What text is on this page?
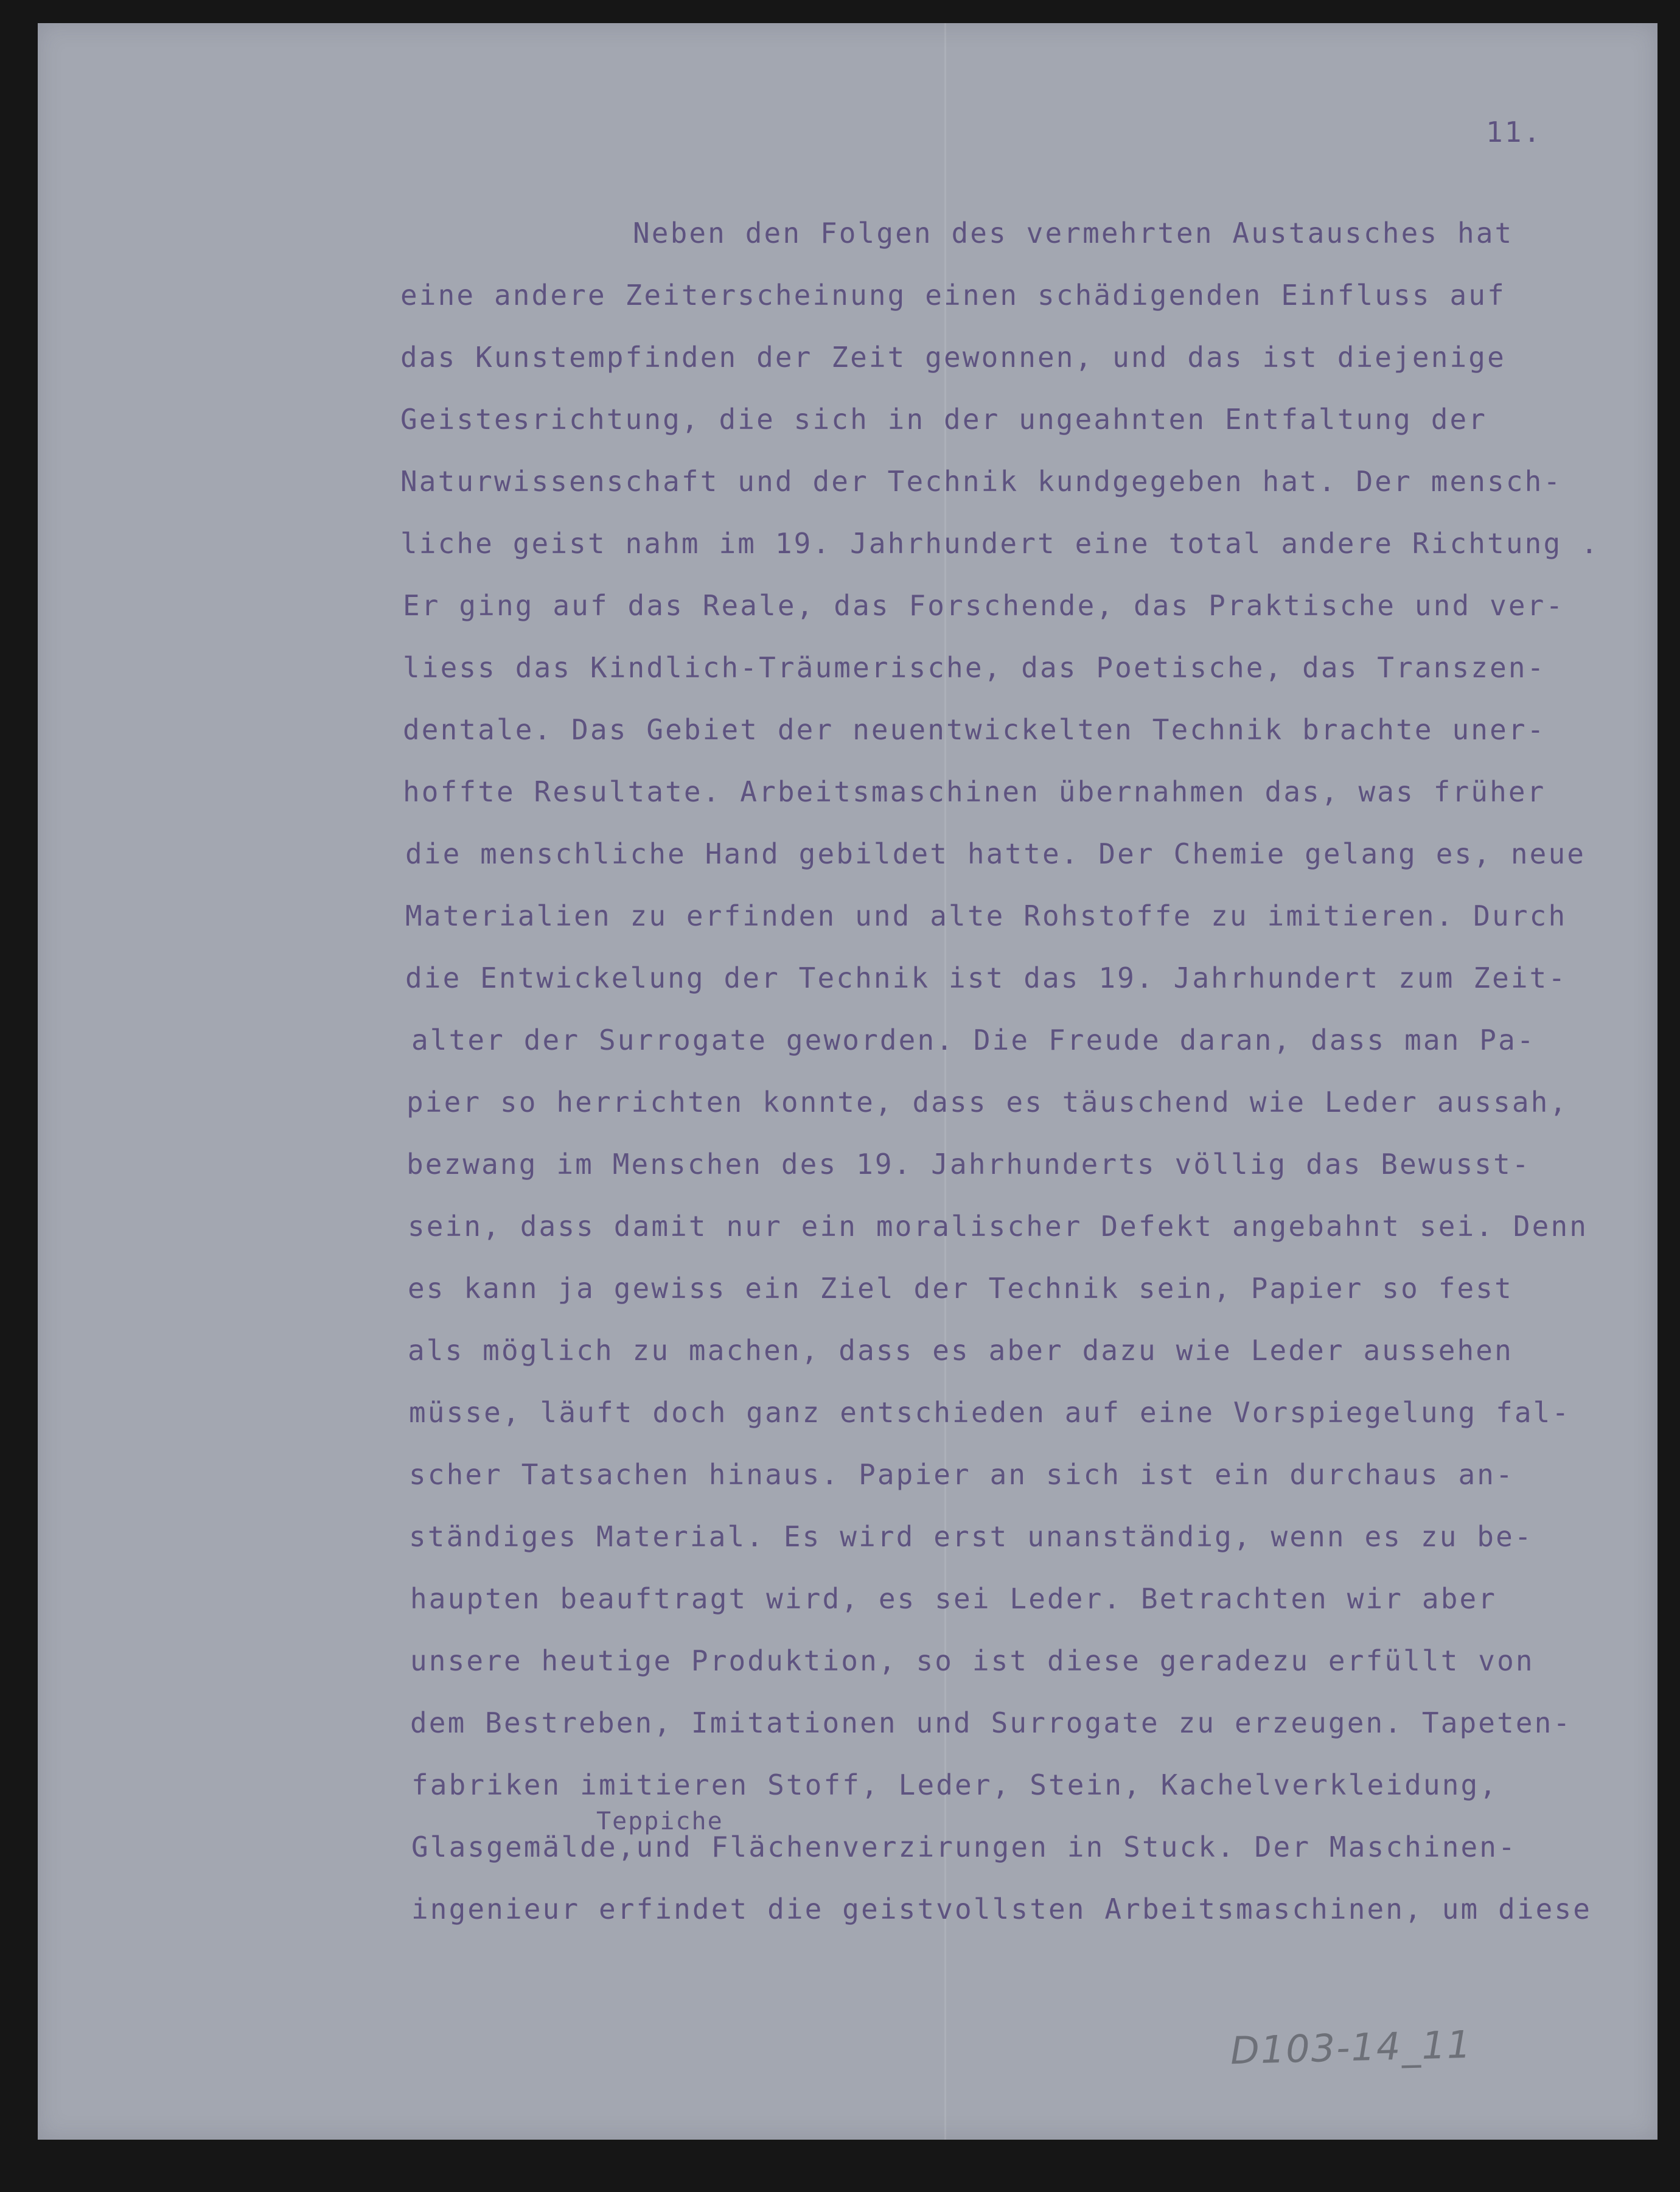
11.
Neben den Folgen des vermehrten Austausches hat
eine andere Zeiterscheinung einen schädigenden Einfluss auf
das Kunstempfinden der Zeit gewonnen, und das ist diejenige
Geistesrichtung, die sich in der ungeahnten Entfaltung der
Naturwissenschaft und der Technik kundgegeben hat. Der mensch-
liche geist nahm im 19. Jahrhundert eine total andere Richtung .
Er ging auf das Reale, das Forschende, das Praktische und ver-
liess das Kindlich-Träumerische, das Poetische, das Transzen-
dentale. Das Gebiet der neuentwickelten Technik brachte uner-
hoffte Resultate. Arbeitsmaschinen übernahmen das, was früher
die menschliche Hand gebildet hatte. Der Chemie gelang es, neue
Materialien zu erfinden und alte Rohstoffe zu imitieren. Durch
die Entwickelung der Technik ist das 19. Jahrhundert zum Zeit-
alter der Surrogate geworden. Die Freude daran, dass man Pa-
pier so herrichten konnte, dass es täuschend wie Leder aussah,
bezwang im Menschen des 19. Jahrhunderts völlig das Bewusst-
sein, dass damit nur ein moralischer Defekt angebahnt sei. Denn
es kann ja gewiss ein Ziel der Technik sein, Papier so fest
als möglich zu machen, dass es aber dazu wie Leder aussehen
müsse, läuft doch ganz entschieden auf eine Vorspiegelung fal-
scher Tatsachen hinaus. Papier an sich ist ein durchaus an-
ständiges Material. Es wird erst unanständig, wenn es zu be-
haupten beauftragt wird, es sei Leder. Betrachten wir aber
unsere heutige Produktion, so ist diese geradezu erfüllt von
dem Bestreben, Imitationen und Surrogate zu erzeugen. Tapeten-
fabriken imitieren Stoff, Leder, Stein, Kachelverkleidung,
Teppiche
Glasgemälde,und Flächenverzirungen in Stuck. Der Maschinen-
ingenieur erfindet die geistvollsten Arbeitsmaschinen, um diese
D103-14_11
